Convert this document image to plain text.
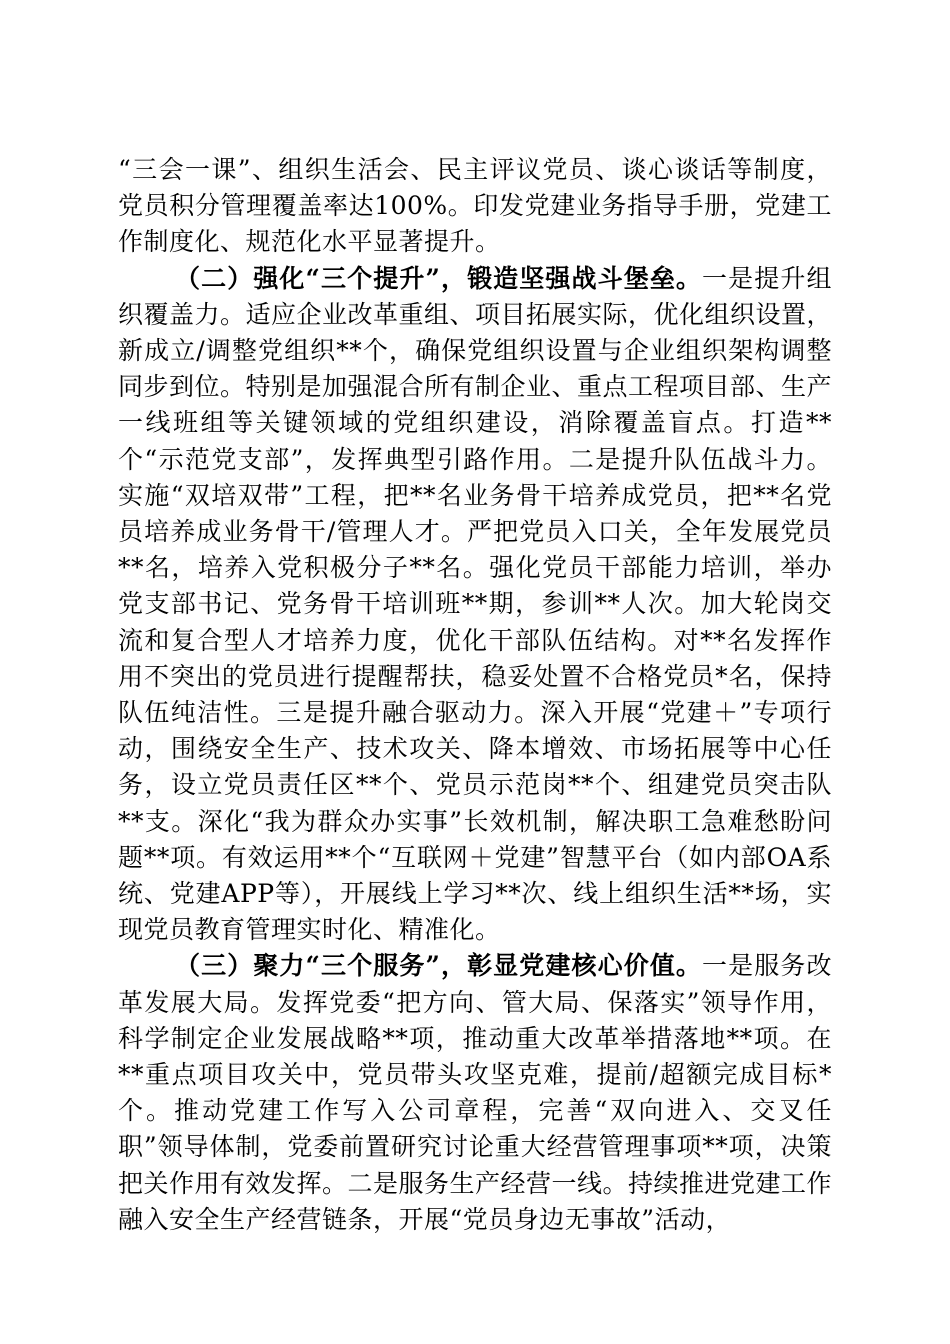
“三会一课”、组织生活会、民主评议党员、谈心谈话等制度，党员积分管理覆盖率达100%。印发党建业务指导手册，党建工作制度化、规范化水平显著提升。

（二）强化“三个提升”，锻造坚强战斗堡垒。一是提升组织覆盖力。适应企业改革重组、项目拓展实际，优化组织设置，新成立/调整党组织**个，确保党组织设置与企业组织架构调整同步到位。特别是加强混合所有制企业、重点工程项目部、生产一线班组等关键领域的党组织建设，消除覆盖盲点。打造**个“示范党支部”，发挥典型引路作用。二是提升队伍战斗力。实施“双培双带”工程，把**名业务骨干培养成党员，把**名党员培养成业务骨干/管理人才。严把党员入口关，全年发展党员**名，培养入党积极分子**名。强化党员干部能力培训，举办党支部书记、党务骨干培训班**期，参训**人次。加大轮岗交流和复合型人才培养力度，优化干部队伍结构。对**名发挥作用不突出的党员进行提醒帮扶，稳妥处置不合格党员*名，保持队伍纯洁性。三是提升融合驱动力。深入开展“党建＋”专项行动，围绕安全生产、技术攻关、降本增效、市场拓展等中心任务，设立党员责任区**个、党员示范岗**个、组建党员突击队**支。深化“我为群众办实事”长效机制，解决职工急难愁盼问题**项。有效运用**个“互联网＋党建”智慧平台（如内部OA系统、党建APP等），开展线上学习**次、线上组织生活**场，实现党员教育管理实时化、精准化。

（三）聚力“三个服务”，彰显党建核心价值。一是服务改革发展大局。发挥党委“把方向、管大局、保落实”领导作用，科学制定企业发展战略**项，推动重大改革举措落地**项。在**重点项目攻关中，党员带头攻坚克难，提前/超额完成目标*个。推动党建工作写入公司章程，完善“双向进入、交叉任职”领导体制，党委前置研究讨论重大经营管理事项**项，决策把关作用有效发挥。二是服务生产经营一线。持续推进党建工作融入安全生产经营链条，开展“党员身边无事故”活动，
